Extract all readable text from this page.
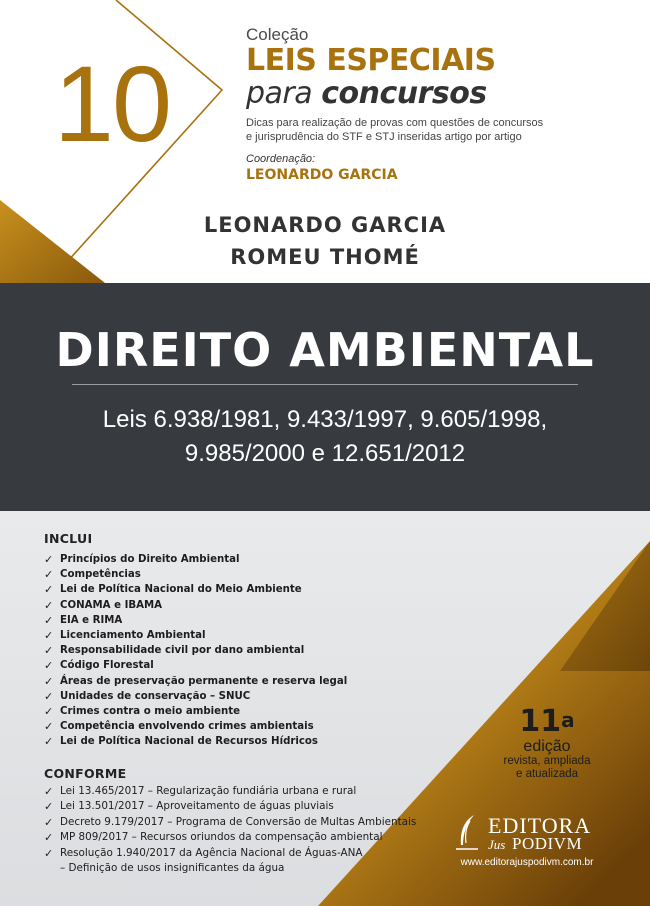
10
Coleção
LEIS ESPECIAIS
para concursos
Dicas para realização de provas com questões de concursos
e jurisprudência do STF e STJ inseridas artigo por artigo
Coordenação:
LEONARDO GARCIA
LEONARDO GARCIA
ROMEU THOMÉ
DIREITO AMBIENTAL
Leis 6.938/1981, 9.433/1997, 9.605/1998,
9.985/2000 e 12.651/2012
INCLUI
✓ Princípios do Direito Ambiental
✓ Competências
✓ Lei de Política Nacional do Meio Ambiente
✓ CONAMA e IBAMA
✓ EIA e RIMA
✓ Licenciamento Ambiental
✓ Responsabilidade civil por dano ambiental
✓ Código Florestal
✓ Áreas de preservação permanente e reserva legal
✓ Unidades de conservação – SNUC
✓ Crimes contra o meio ambiente
✓ Competência envolvendo crimes ambientais
✓ Lei de Política Nacional de Recursos Hídricos
CONFORME
✓ Lei 13.465/2017 – Regularização fundiária urbana e rural
✓ Lei 13.501/2017 – Aproveitamento de águas pluviais
✓ Decreto 9.179/2017 – Programa de Conversão de Multas Ambientais
✓ MP 809/2017 – Recursos oriundos da compensação ambiental
✓ Resolução 1.940/2017 da Agência Nacional de Águas-ANA
– Definição de usos insignificantes da água
11$^a$
edição
revista, ampliada
e atualizada
EDITORA
Jus PODIVM
www.editorajuspodivm.com.br
